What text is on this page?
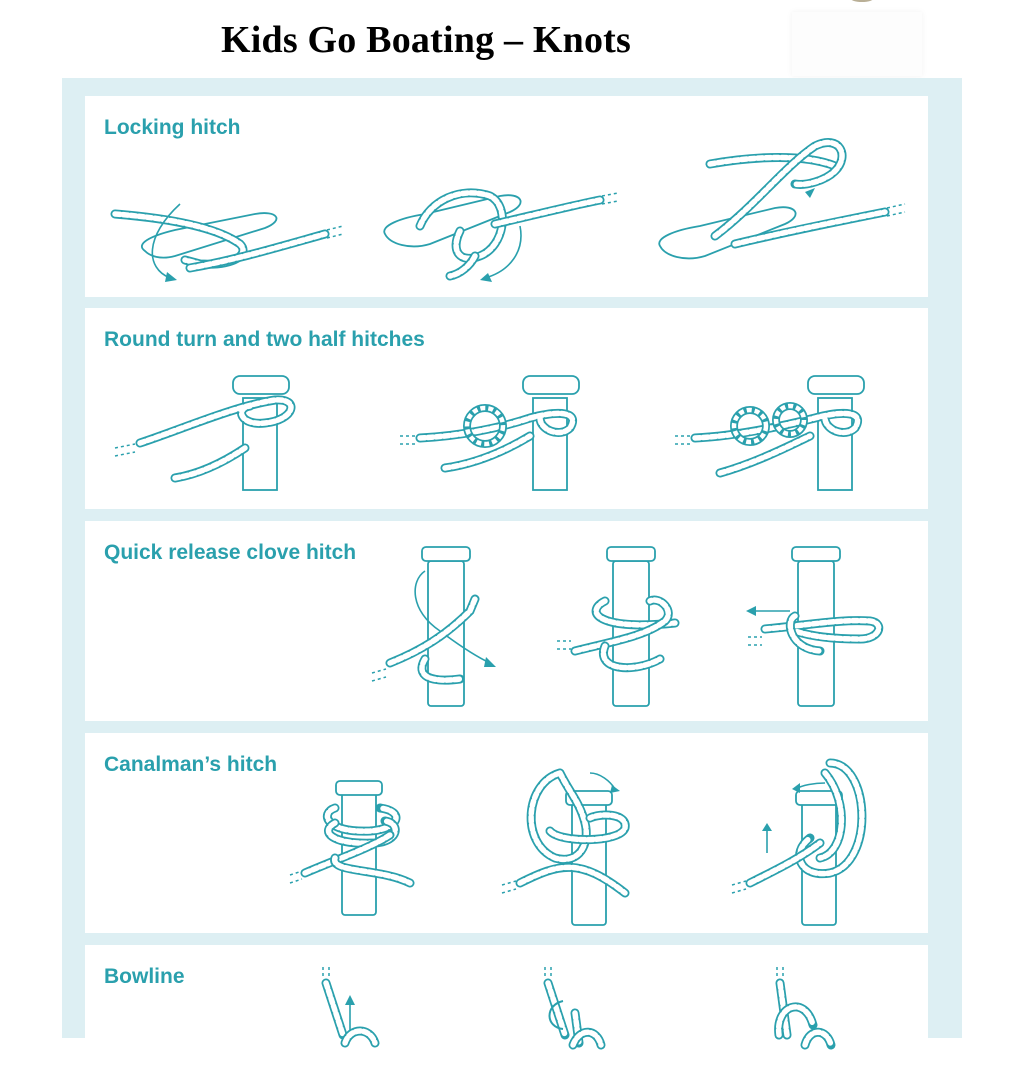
Kids Go Boating – Knots
Locking hitch
Round turn and two half hitches
Quick release clove hitch
Canalman’s hitch
Bowline
